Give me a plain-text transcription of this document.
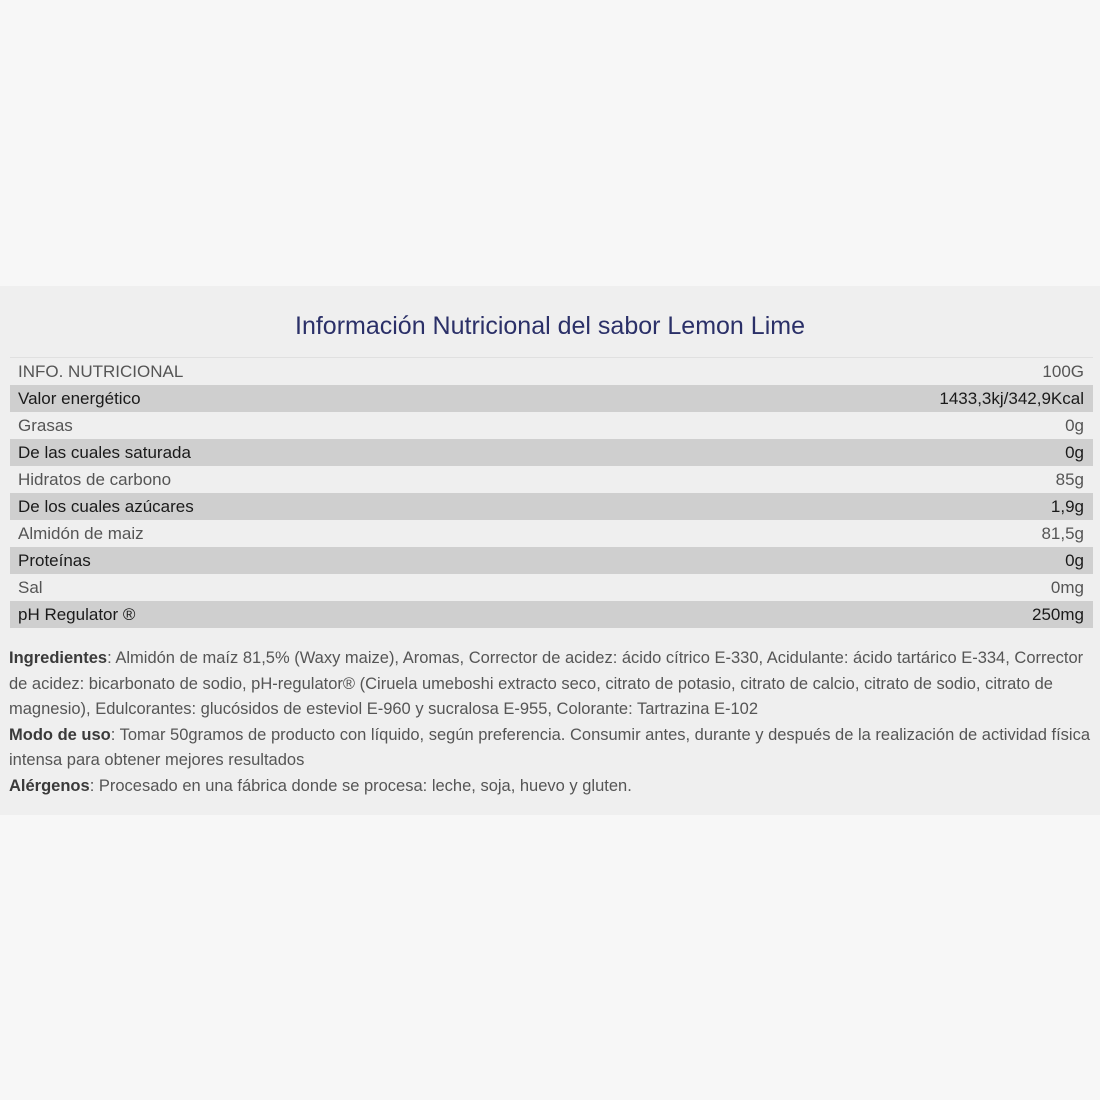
Información Nutricional del sabor Lemon Lime
INFO. NUTRICIONAL	100G
Valor energético	1433,3kj/342,9Kcal
Grasas	0g
De las cuales saturada	0g
Hidratos de carbono	85g
De los cuales azúcares	1,9g
Almidón de maiz	81,5g
Proteínas	0g
Sal	0mg
pH Regulator ®	250mg

Ingredientes: Almidón de maíz 81,5% (Waxy maize), Aromas, Corrector de acidez: ácido cítrico E-330, Acidulante: ácido tartárico E-334, Corrector de acidez: bicarbonato de sodio, pH-regulator® (Ciruela umeboshi extracto seco, citrato de potasio, citrato de calcio, citrato de sodio, citrato de magnesio), Edulcorantes: glucósidos de esteviol E-960 y sucralosa E-955, Colorante: Tartrazina E-102

Modo de uso: Tomar 50gramos de producto con líquido, según preferencia. Consumir antes, durante y después de la realización de actividad física intensa para obtener mejores resultados

Alérgenos: Procesado en una fábrica donde se procesa: leche, soja, huevo y gluten.
